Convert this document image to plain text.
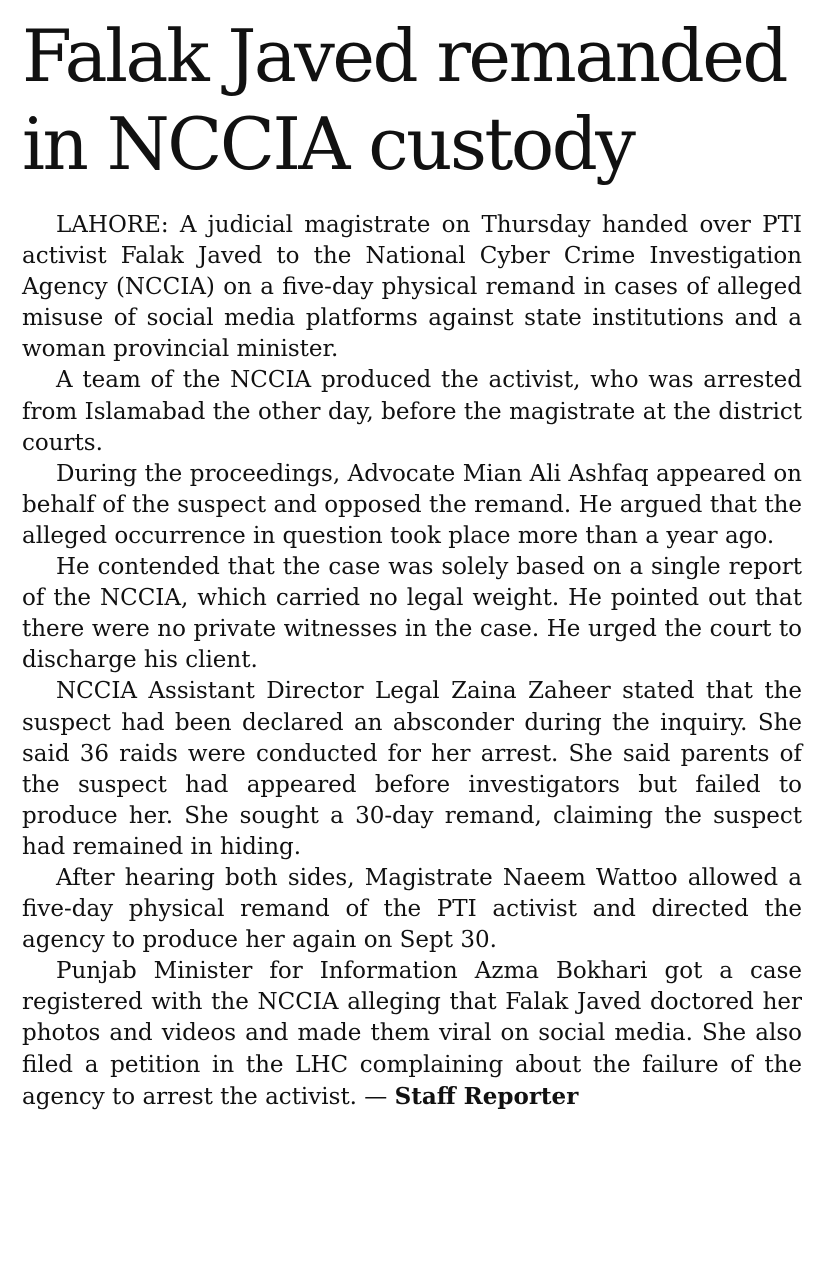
Falak Javed remanded in NCCIA custody

LAHORE: A judicial magistrate on Thursday handed over PTI activist Falak Javed to the National Cyber Crime Investigation Agency (NCCIA) on a five-day physical remand in cases of alleged misuse of social media platforms against state institutions and a woman provincial minister.

A team of the NCCIA produced the activist, who was arrested from Islamabad the other day, before the magistrate at the district courts.

During the proceedings, Advocate Mian Ali Ashfaq appeared on behalf of the suspect and opposed the remand. He argued that the alleged occurrence in question took place more than a year ago.

He contended that the case was solely based on a single report of the NCCIA, which carried no legal weight. He pointed out that there were no private witnesses in the case. He urged the court to discharge his client.

NCCIA Assistant Director Legal Zaina Zaheer stated that the suspect had been declared an absconder during the inquiry. She said 36 raids were conducted for her arrest. She said parents of the suspect had appeared before investigators but failed to produce her. She sought a 30-day remand, claiming the suspect had remained in hiding.

After hearing both sides, Magistrate Naeem Wattoo allowed a five-day physical remand of the PTI activist and directed the agency to produce her again on Sept 30.

Punjab Minister for Information Azma Bokhari got a case registered with the NCCIA alleging that Falak Javed doctored her photos and videos and made them viral on social media. She also filed a petition in the LHC complaining about the failure of the agency to arrest the activist. — Staff Reporter
